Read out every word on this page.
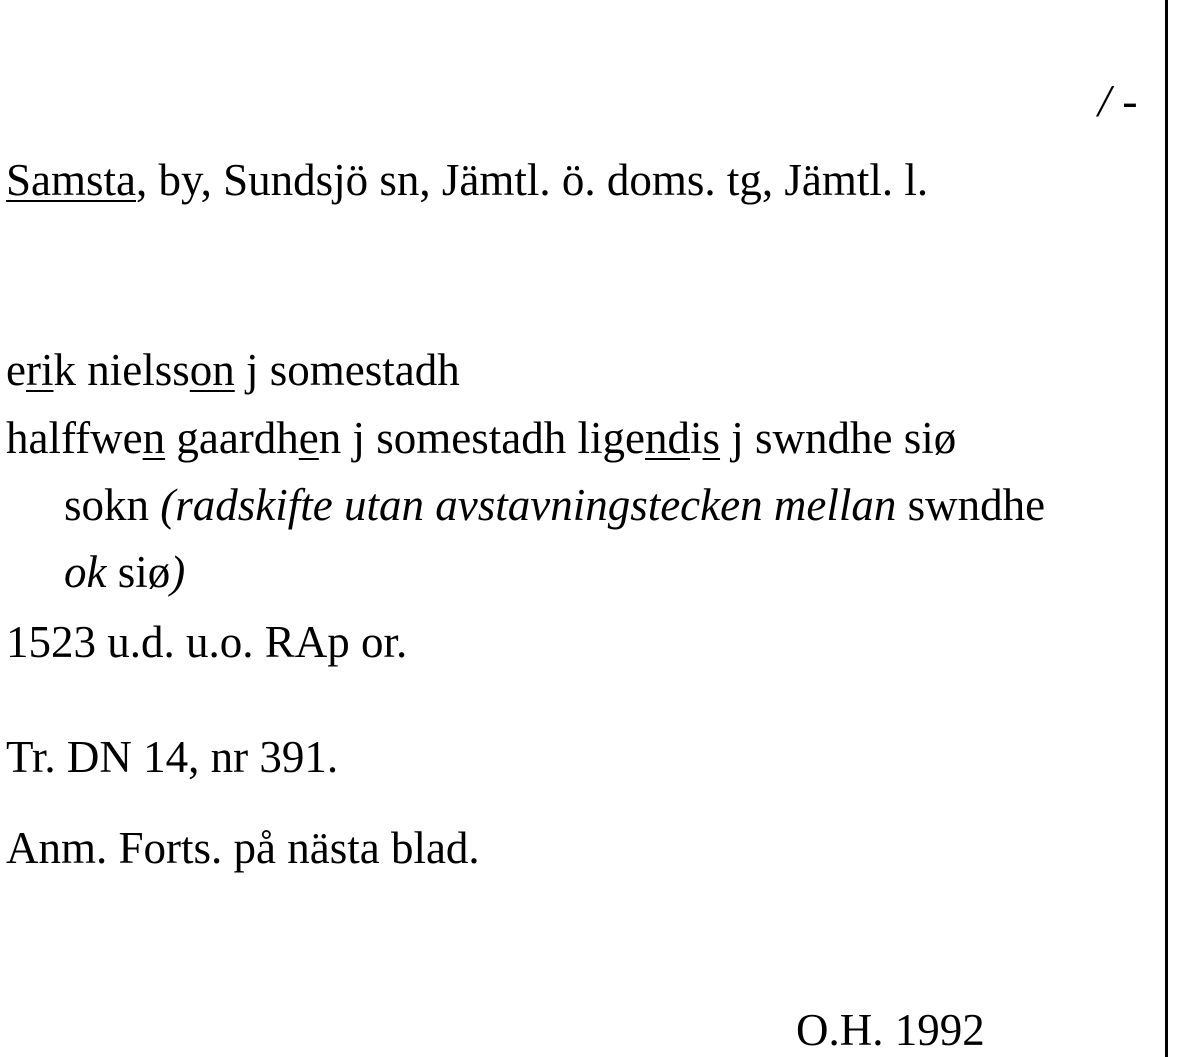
/ -
Samsta, by, Sundsjö sn, Jämtl. ö. doms. tg, Jämtl. l.
erik nielsson j somestadh
halffwen gaardhen j somestadh ligendis j swndhe siø
sokn (radskifte utan avstavningstecken mellan swndhe
ok siø)
1523 u.d. u.o. RAp or.
Tr. DN 14, nr 391.
Anm. Forts. på nästa blad.
O.H. 1992
